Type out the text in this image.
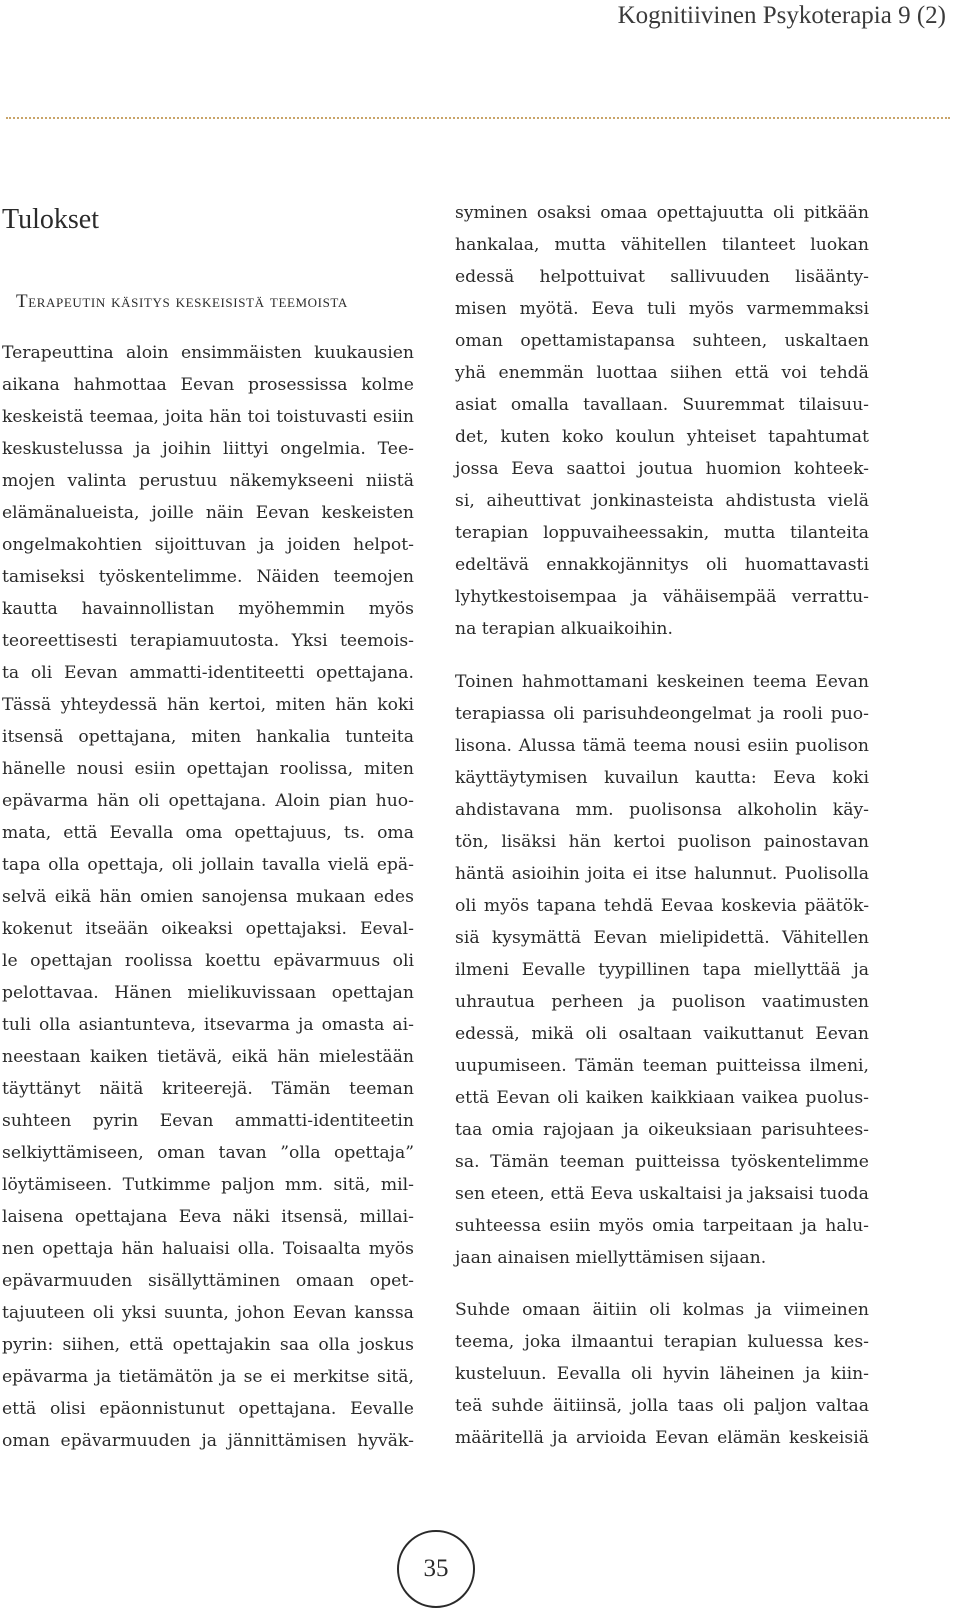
Kognitiivinen Psykoterapia 9 (2)
Tulokset
Terapeutin käsitys keskeisistä teemoista
Terapeuttina aloin ensimmäisten kuukausien
aikana hahmottaa Eevan prosessissa kolme
keskeistä teemaa, joita hän toi toistuvasti esiin
keskustelussa ja joihin liittyi ongelmia. Tee-
mojen valinta perustuu näkemykseeni niistä
elämänalueista, joille näin Eevan keskeisten
ongelmakohtien sijoittuvan ja joiden helpot-
tamiseksi työskentelimme. Näiden teemojen
kautta havainnollistan myöhemmin myös
teoreettisesti terapiamuutosta. Yksi teemois-
ta oli Eevan ammatti-identiteetti opettajana.
Tässä yhteydessä hän kertoi, miten hän koki
itsensä opettajana, miten hankalia tunteita
hänelle nousi esiin opettajan roolissa, miten
epävarma hän oli opettajana. Aloin pian huo-
mata, että Eevalla oma opettajuus, ts. oma
tapa olla opettaja, oli jollain tavalla vielä epä-
selvä eikä hän omien sanojensa mukaan edes
kokenut itseään oikeaksi opettajaksi. Eeval-
le opettajan roolissa koettu epävarmuus oli
pelottavaa. Hänen mielikuvissaan opettajan
tuli olla asiantunteva, itsevarma ja omasta ai-
neestaan kaiken tietävä, eikä hän mielestään
täyttänyt näitä kriteerejä. Tämän teeman
suhteen pyrin Eevan ammatti-identiteetin
selkiyttämiseen, oman tavan ”olla opettaja”
löytämiseen. Tutkimme paljon mm. sitä, mil-
laisena opettajana Eeva näki itsensä, millai-
nen opettaja hän haluaisi olla. Toisaalta myös
epävarmuuden sisällyttäminen omaan opet-
tajuuteen oli yksi suunta, johon Eevan kanssa
pyrin: siihen, että opettajakin saa olla joskus
epävarma ja tietämätön ja se ei merkitse sitä,
että olisi epäonnistunut opettajana. Eevalle
oman epävarmuuden ja jännittämisen hyväk-
syminen osaksi omaa opettajuutta oli pitkään
hankalaa, mutta vähitellen tilanteet luokan
edessä helpottuivat sallivuuden lisäänty-
misen myötä. Eeva tuli myös varmemmaksi
oman opettamistapansa suhteen, uskaltaen
yhä enemmän luottaa siihen että voi tehdä
asiat omalla tavallaan. Suuremmat tilaisuu-
det, kuten koko koulun yhteiset tapahtumat
jossa Eeva saattoi joutua huomion kohteek-
si, aiheuttivat jonkinasteista ahdistusta vielä
terapian loppuvaiheessakin, mutta tilanteita
edeltävä ennakkojännitys oli huomattavasti
lyhytkestoisempaa ja vähäisempää verrattu-
na terapian alkuaikoihin.
Toinen hahmottamani keskeinen teema Eevan
terapiassa oli parisuhdeongelmat ja rooli puo-
lisona. Alussa tämä teema nousi esiin puolison
käyttäytymisen kuvailun kautta: Eeva koki
ahdistavana mm. puolisonsa alkoholin käy-
tön, lisäksi hän kertoi puolison painostavan
häntä asioihin joita ei itse halunnut. Puolisolla
oli myös tapana tehdä Eevaa koskevia päätök-
siä kysymättä Eevan mielipidettä. Vähitellen
ilmeni Eevalle tyypillinen tapa miellyttää ja
uhrautua perheen ja puolison vaatimusten
edessä, mikä oli osaltaan vaikuttanut Eevan
uupumiseen. Tämän teeman puitteissa ilmeni,
että Eevan oli kaiken kaikkiaan vaikea puolus-
taa omia rajojaan ja oikeuksiaan parisuhtees-
sa. Tämän teeman puitteissa työskentelimme
sen eteen, että Eeva uskaltaisi ja jaksaisi tuoda
suhteessa esiin myös omia tarpeitaan ja halu-
jaan ainaisen miellyttämisen sijaan.
Suhde omaan äitiin oli kolmas ja viimeinen
teema, joka ilmaantui terapian kuluessa kes-
kusteluun. Eevalla oli hyvin läheinen ja kiin-
teä suhde äitiinsä, jolla taas oli paljon valtaa
määritellä ja arvioida Eevan elämän keskeisiä
35
